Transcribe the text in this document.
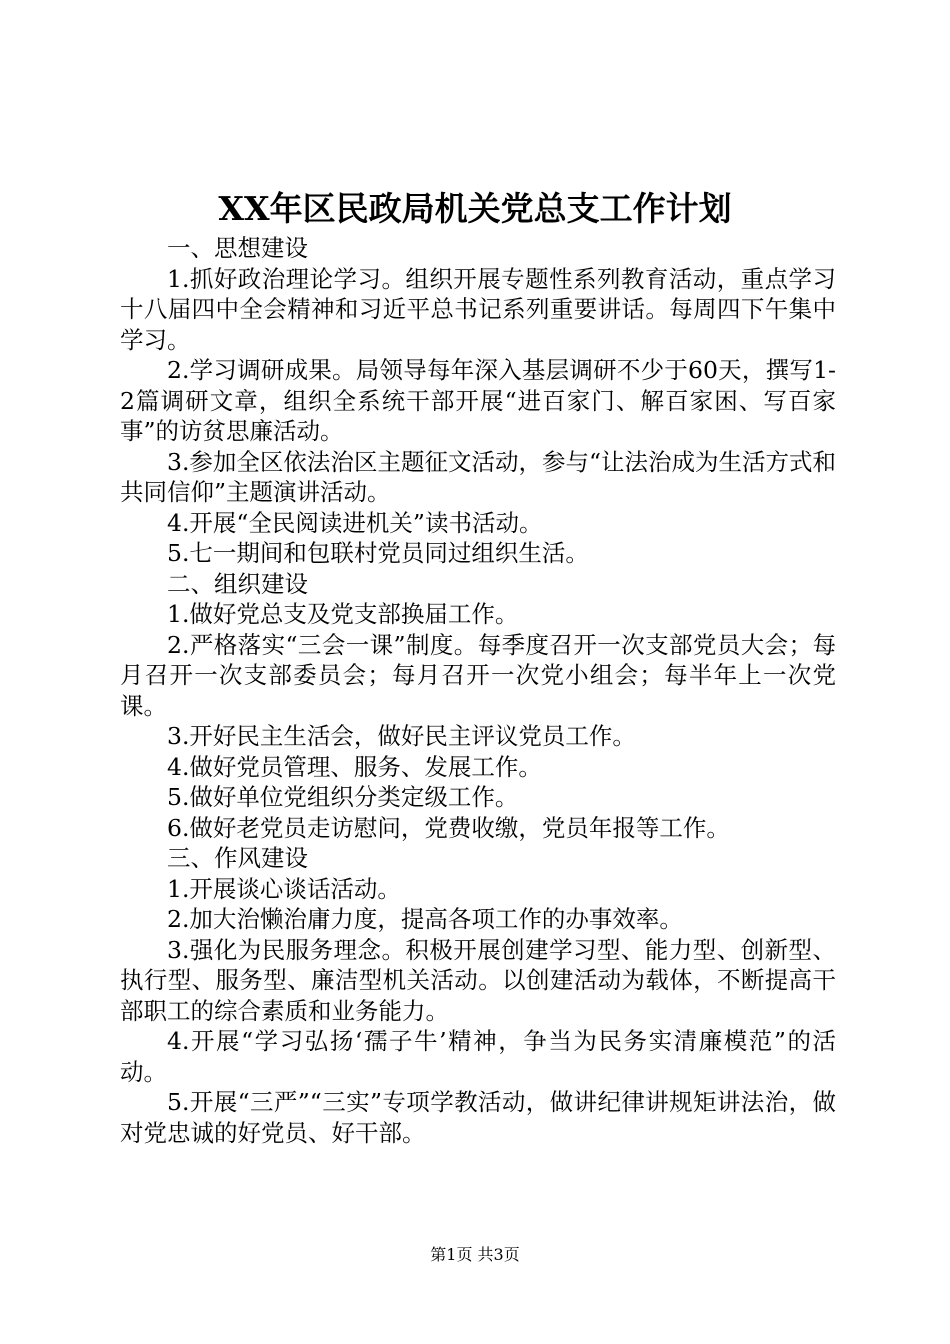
XX年区民政局机关党总支工作计划

一、思想建设

1.抓好政治理论学习。组织开展专题性系列教育活动，重点学习十八届四中全会精神和习近平总书记系列重要讲话。每周四下午集中学习。

2.学习调研成果。局领导每年深入基层调研不少于60天，撰写1-2篇调研文章，组织全系统干部开展“进百家门、解百家困、写百家事”的访贫思廉活动。

3.参加全区依法治区主题征文活动，参与“让法治成为生活方式和共同信仰”主题演讲活动。

4.开展“全民阅读进机关”读书活动。

5.七一期间和包联村党员同过组织生活。

二、组织建设

1.做好党总支及党支部换届工作。

2.严格落实“三会一课”制度。每季度召开一次支部党员大会；每月召开一次支部委员会；每月召开一次党小组会；每半年上一次党课。

3.开好民主生活会，做好民主评议党员工作。

4.做好党员管理、服务、发展工作。

5.做好单位党组织分类定级工作。

6.做好老党员走访慰问，党费收缴，党员年报等工作。

三、作风建设

1.开展谈心谈话活动。

2.加大治懒治庸力度，提高各项工作的办事效率。

3.强化为民服务理念。积极开展创建学习型、能力型、创新型、执行型、服务型、廉洁型机关活动。以创建活动为载体，不断提高干部职工的综合素质和业务能力。

4.开展“学习弘扬‘孺子牛’精神，争当为民务实清廉模范”的活动。

5.开展“三严”“三实”专项学教活动，做讲纪律讲规矩讲法治，做对党忠诚的好党员、好干部。

第1页 共3页
